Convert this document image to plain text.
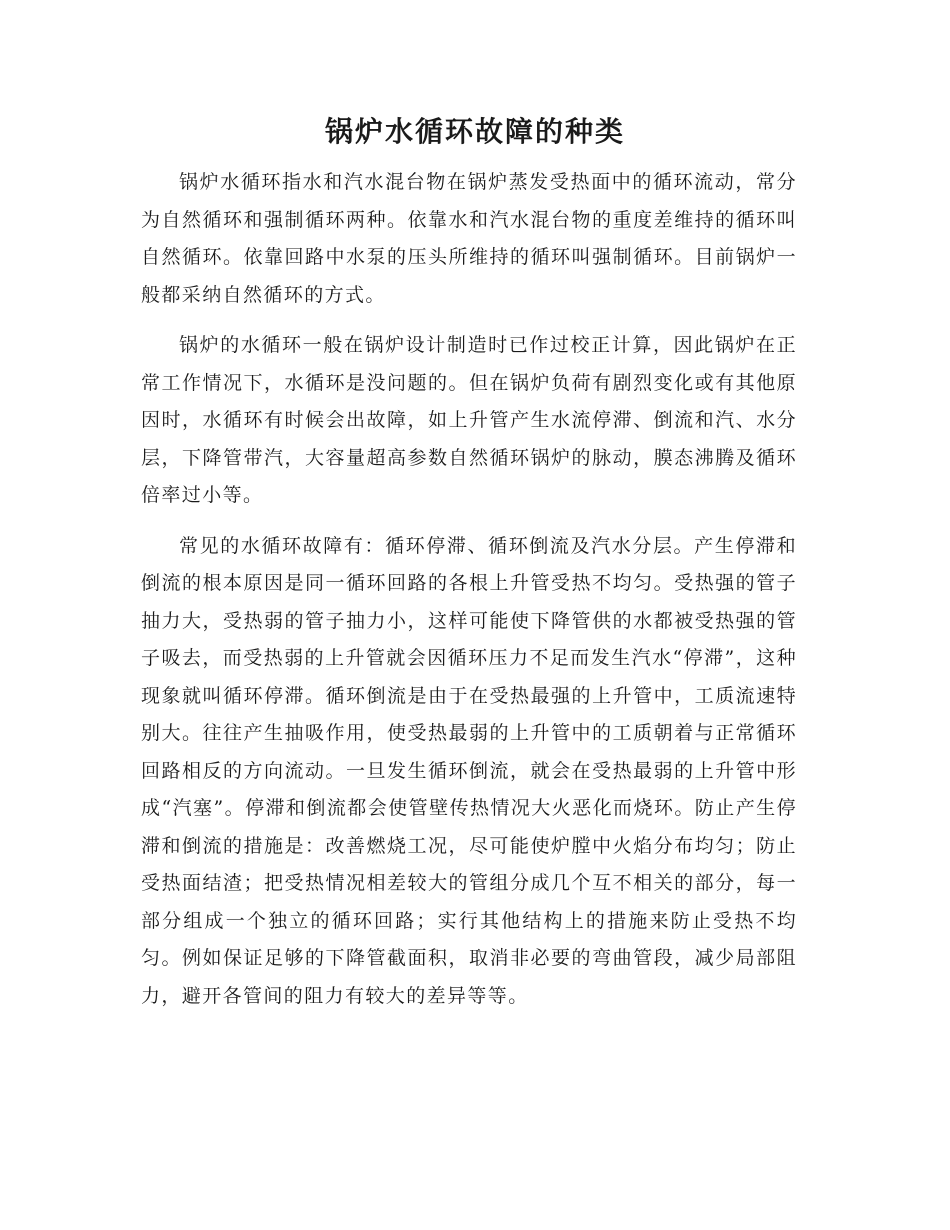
锅炉水循环故障的种类

锅炉水循环指水和汽水混台物在锅炉蒸发受热面中的循环流动，常分为自然循环和强制循环两种。依靠水和汽水混台物的重度差维持的循环叫自然循环。依靠回路中水泵的压头所维持的循环叫强制循环。目前锅炉一般都采纳自然循环的方式。

锅炉的水循环一般在锅炉设计制造时已作过校正计算，因此锅炉在正常工作情况下，水循环是没问题的。但在锅炉负荷有剧烈变化或有其他原因时，水循环有时候会出故障，如上升管产生水流停滞、倒流和汽、水分层，下降管带汽，大容量超高参数自然循环锅炉的脉动，膜态沸腾及循环倍率过小等。

常见的水循环故障有：循环停滞、循环倒流及汽水分层。产生停滞和倒流的根本原因是同一循环回路的各根上升管受热不均匀。受热强的管子抽力大，受热弱的管子抽力小，这样可能使下降管供的水都被受热强的管子吸去，而受热弱的上升管就会因循环压力不足而发生汽水“停滞”，这种现象就叫循环停滞。循环倒流是由于在受热最强的上升管中，工质流速特别大。往往产生抽吸作用，使受热最弱的上升管中的工质朝着与正常循环回路相反的方向流动。一旦发生循环倒流，就会在受热最弱的上升管中形成“汽塞”。停滞和倒流都会使管壁传热情况大火恶化而烧环。防止产生停滞和倒流的措施是：改善燃烧工况，尽可能使炉膛中火焰分布均匀；防止受热面结渣；把受热情况相差较大的管组分成几个互不相关的部分，每一部分组成一个独立的循环回路；实行其他结构上的措施来防止受热不均匀。例如保证足够的下降管截面积，取消非必要的弯曲管段，减少局部阻力，避开各管间的阻力有较大的差异等等。
